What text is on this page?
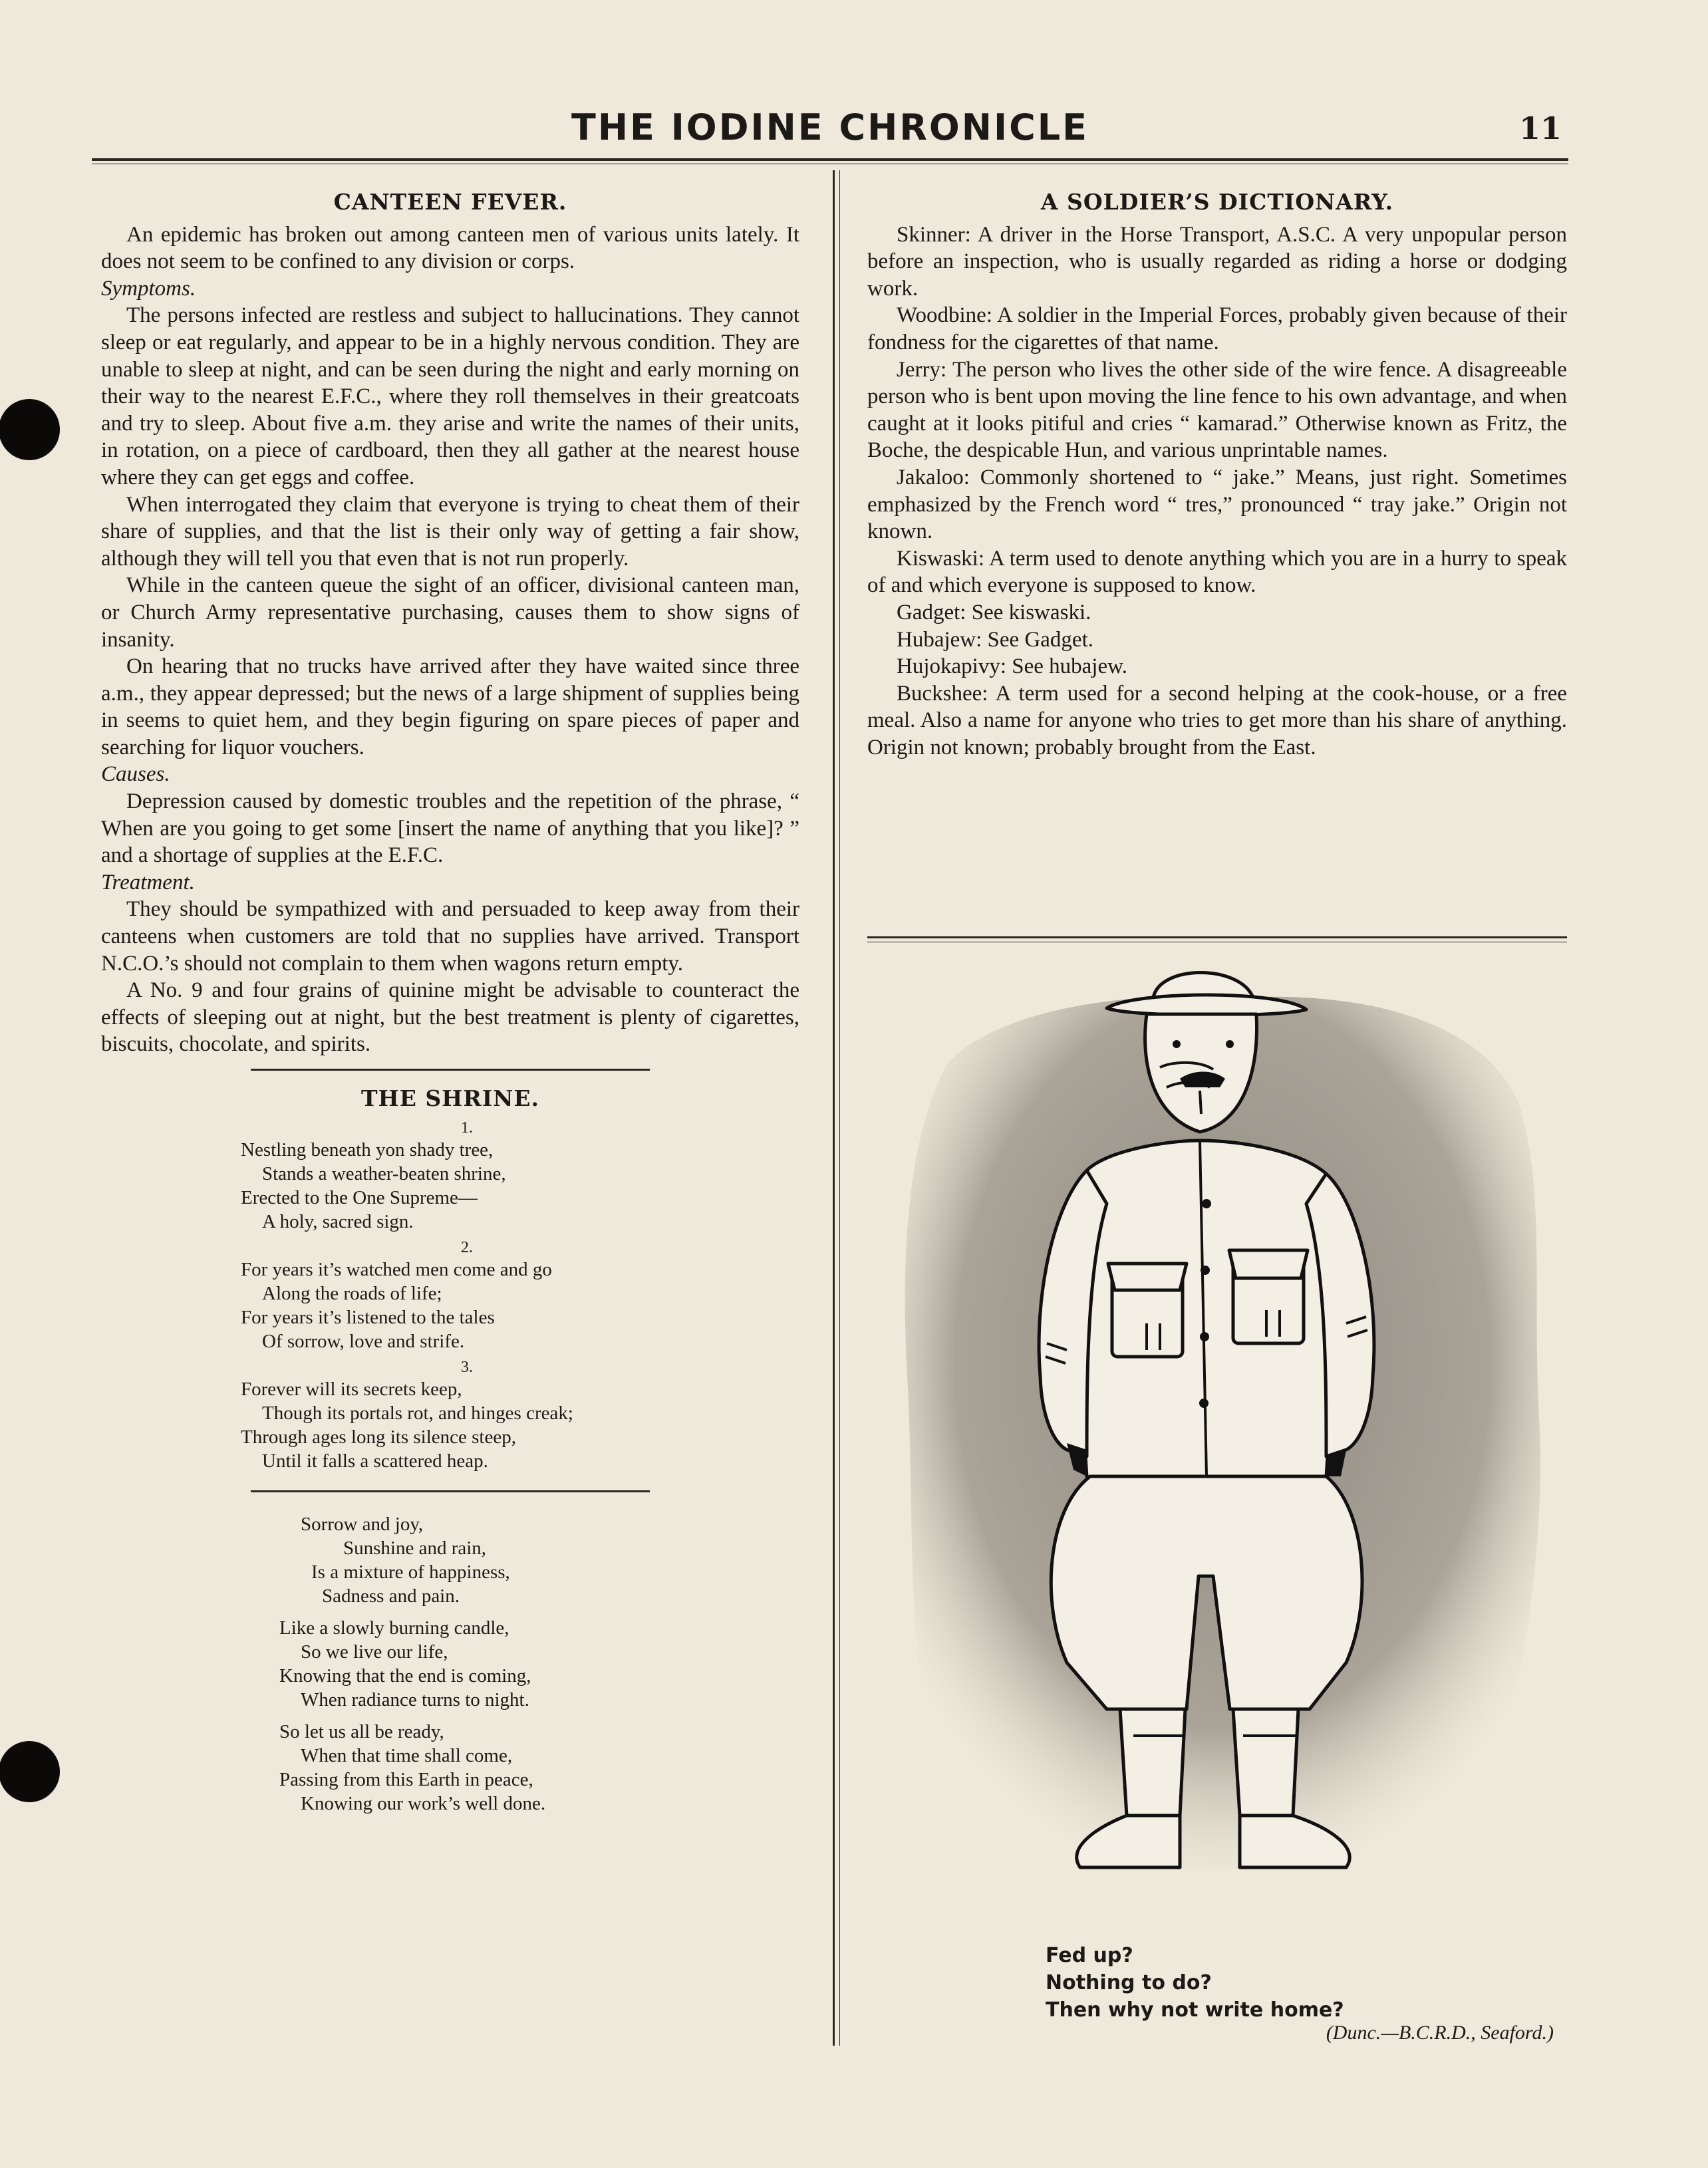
THE IODINE CHRONICLE	11
CANTEEN FEVER.

An epidemic has broken out among canteen men of various units lately. It does not seem to be confined to any division or corps.

Symptoms.

The persons infected are restless and subject to hallucinations. They cannot sleep or eat regularly, and appear to be in a highly nervous condition. They are unable to sleep at night, and can be seen during the night and early morning on their way to the nearest E.F.C., where they roll themselves in their greatcoats and try to sleep. About five a.m. they arise and write the names of their units, in rotation, on a piece of cardboard, then they all gather at the nearest house where they can get eggs and coffee.

When interrogated they claim that everyone is trying to cheat them of their share of supplies, and that the list is their only way of getting a fair show, although they will tell you that even that is not run properly.

While in the canteen queue the sight of an officer, divisional canteen man, or Church Army representative purchasing, causes them to show signs of insanity.

On hearing that no trucks have arrived after they have waited since three a.m., they appear depressed; but the news of a large shipment of supplies being in seems to quiet hem, and they begin figuring on spare pieces of paper and searching for liquor vouchers.

Causes.

Depression caused by domestic troubles and the repetition of the phrase, “ When are you going to get some [insert the name of anything that you like]? ” and a shortage of supplies at the E.F.C.

Treatment.

They should be sympathized with and persuaded to keep away from their canteens when customers are told that no supplies have arrived. Transport N.C.O.’s should not complain to them when wagons return empty.

A No. 9 and four grains of quinine might be advisable to counteract the effects of sleeping out at night, but the best treatment is plenty of cigarettes, biscuits, chocolate, and spirits.

THE SHRINE.
1.
Nestling beneath yon shady tree,
Stands a weather-beaten shrine,
Erected to the One Supreme—
A holy, sacred sign.
2.
For years it’s watched men come and go
Along the roads of life;
For years it’s listened to the tales
Of sorrow, love and strife.
3.
Forever will its secrets keep,
Though its portals rot, and hinges creak;
Through ages long its silence steep,
Until it falls a scattered heap.
Sorrow and joy,
Sunshine and rain,
Is a mixture of happiness,
Sadness and pain.
Like a slowly burning candle,
So we live our life,
Knowing that the end is coming,
When radiance turns to night.
So let us all be ready,
When that time shall come,
Passing from this Earth in peace,
Knowing our work’s well done.
A SOLDIER’S DICTIONARY.

Skinner: A driver in the Horse Transport, A.S.C. A very unpopular person before an inspection, who is usually regarded as riding a horse or dodging work.

Woodbine: A soldier in the Imperial Forces, probably given because of their fondness for the cigarettes of that name.

Jerry: The person who lives the other side of the wire fence. A disagreeable person who is bent upon moving the line fence to his own advantage, and when caught at it looks pitiful and cries “ kamarad.” Otherwise known as Fritz, the Boche, the despicable Hun, and various unprintable names.

Jakaloo: Commonly shortened to “ jake.” Means, just right. Sometimes emphasized by the French word “ tres,” pronounced “ tray jake.” Origin not known.

Kiswaski: A term used to denote anything which you are in a hurry to speak of and which everyone is supposed to know.

Gadget: See kiswaski.

Hubajew: See Gadget.

Hujokapivy: See hubajew.

Buckshee: A term used for a second helping at the cook-house, or a free meal. Also a name for anyone who tries to get more than his share of anything. Origin not known; probably brought from the East.

Fed up?
Nothing to do?
Then why not write home?
(Dunc.—B.C.R.D., Seaford.)
